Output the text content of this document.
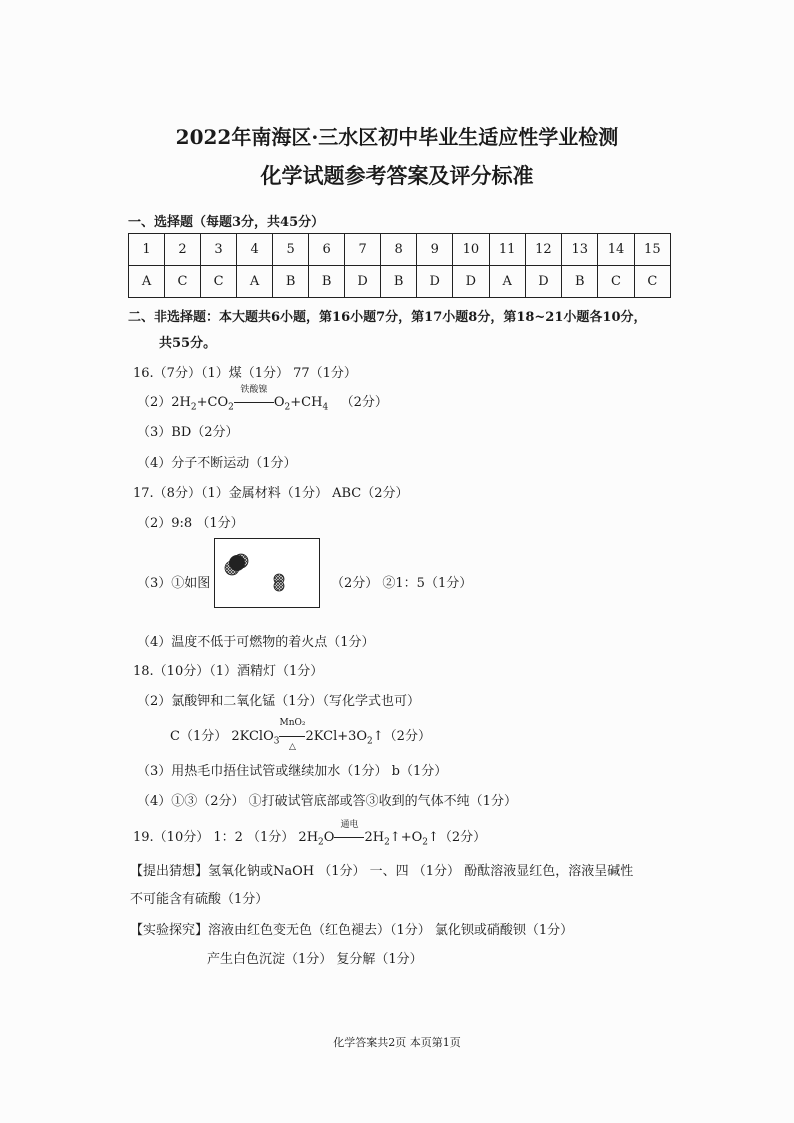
2022年南海区·三水区初中毕业生适应性学业检测
化学试题参考答案及评分标准
一、选择题（每题3分，共45分）
1	2	3	4	5	6	7	8	9	10	11	12	13	14	15
A	C	C	A	B	B	D	B	D	D	A	D	B	C	C
二、非选择题：本大题共6小题，第16小题7分，第17小题8分，第18~21小题各10分，
共55分。
16.（7分）（1）煤（1分） 77（1分）
$(2)2H_2+CO_2$
铁酸镍
$O_2+CH_4$ （2分）
（3）BD（2分）
（4）分子不断运动（1分）
17.（8分）（1）金属材料（1分） ABC（2分）
（2）9:8 （1分）
（3）①如图	（2分） ②1：5（1分）
（4）温度不低于可燃物的着火点（1分）
18.（10分）（1）酒精灯（1分）
（2）氯酸钾和二氧化锰（1分）（写化学式也可）
C（1分） 2KClO$_3$
MnO₂
△
$2KCl+3O_2↑(2$分）
（3）用热毛巾捂住试管或继续加水（1分） b（1分）
（4）①③（2分） ①打破试管底部或答③收到的气体不纯（1分）
19.（10分） 1：2 （1分） $2H_2O$
通电
$2H_2↑+O_2↑(2$分）
【提出猜想】氢氧化钠或NaOH （1分） 一、四 （1分） 酚酞溶液显红色，溶液呈碱性
不可能含有硫酸（1分）
【实验探究】溶液由红色变无色（红色褪去）（1分） 氯化钡或硝酸钡（1分）
产生白色沉淀（1分） 复分解（1分）
化学答案共2页 本页第1页
